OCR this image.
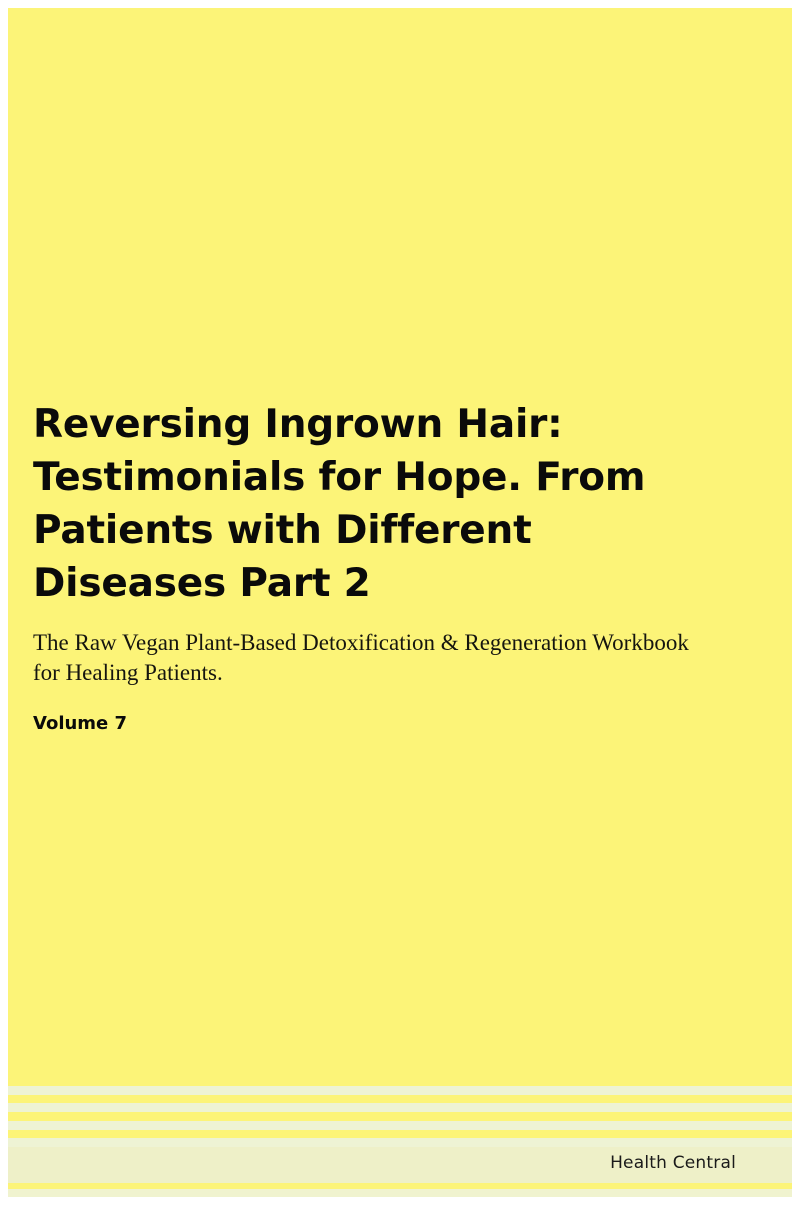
Reversing Ingrown Hair: Testimonials for Hope. From Patients with Different Diseases Part 2

The Raw Vegan Plant-Based Detoxification & Regeneration Workbook for Healing Patients.

Volume 7

Health Central
